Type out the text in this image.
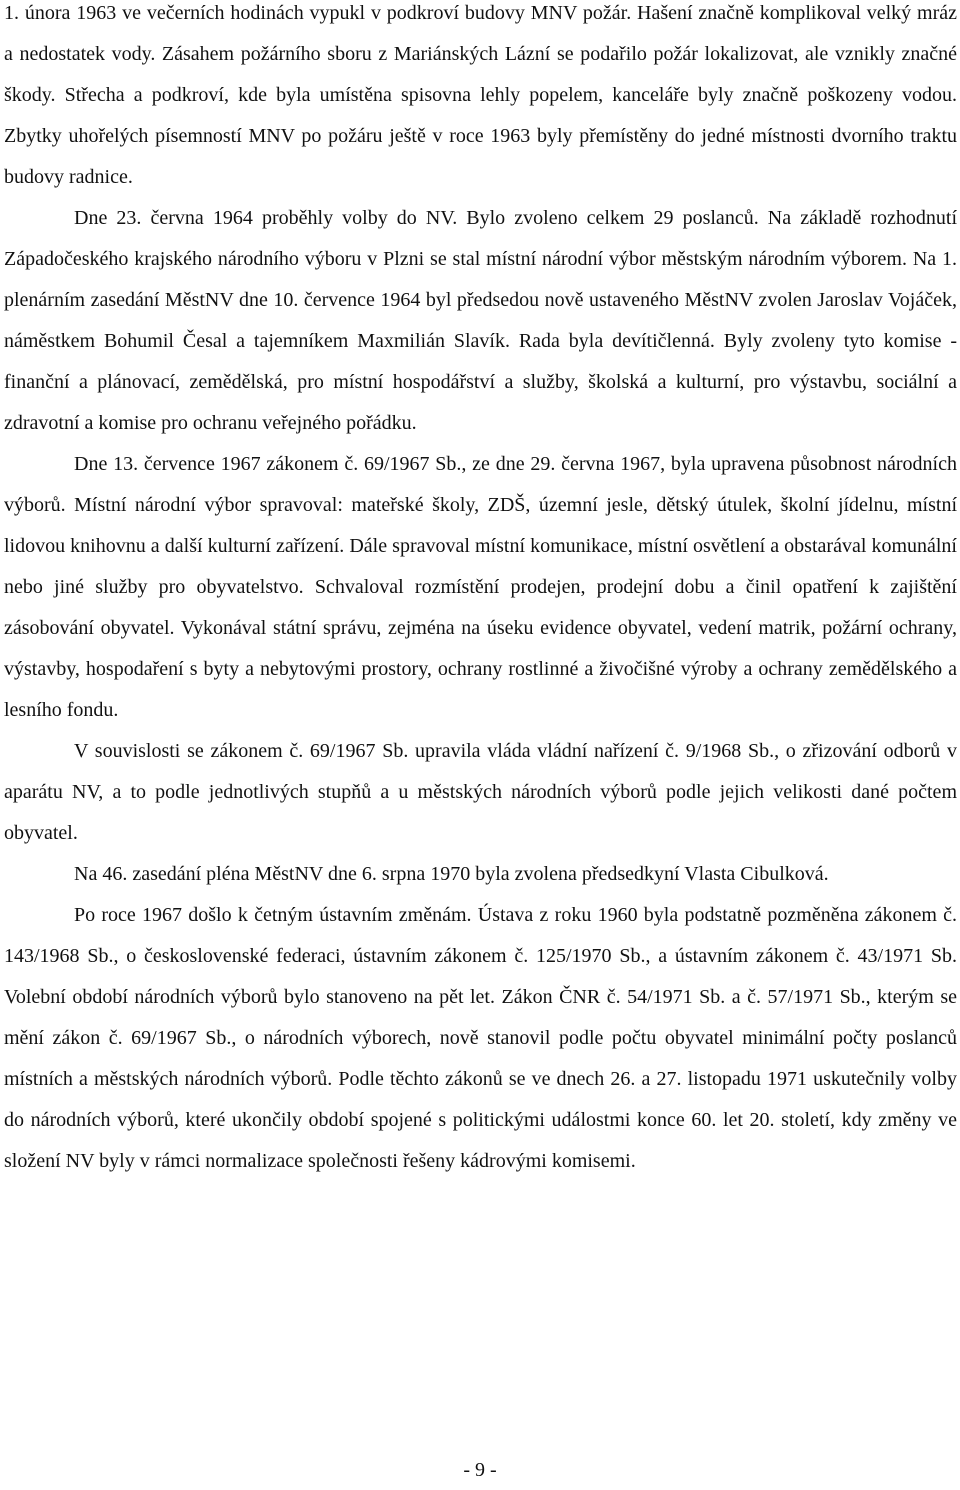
1. února 1963 ve večerních hodinách vypukl v podkroví budovy MNV požár. Hašení značně komplikoval velký mráz a nedostatek vody. Zásahem požárního sboru z Mariánských Lázní se podařilo požár lokalizovat, ale vznikly značné škody. Střecha a podkroví, kde byla umístěna spisovna lehly popelem, kanceláře byly značně poškozeny vodou. Zbytky uhořelých písemností MNV po požáru ještě v roce 1963 byly přemístěny do jedné místnosti dvorního traktu budovy radnice.

Dne 23. června 1964 proběhly volby do NV. Bylo zvoleno celkem 29 poslanců. Na základě rozhodnutí Západočeského krajského národního výboru v Plzni se stal místní národní výbor městským národním výborem. Na 1. plenárním zasedání MěstNV dne 10. července 1964 byl předsedou nově ustaveného MěstNV zvolen Jaroslav Vojáček, náměstkem Bohumil Česal a tajemníkem Maxmilián Slavík. Rada byla devítičlenná. Byly zvoleny tyto komise - finanční a plánovací, zemědělská, pro místní hospodářství a služby, školská a kulturní, pro výstavbu, sociální a zdravotní a komise pro ochranu veřejného pořádku.

Dne 13. července 1967 zákonem č. 69/1967 Sb., ze dne 29. června 1967, byla upravena působnost národních výborů. Místní národní výbor spravoval: mateřské školy, ZDŠ, územní jesle, dětský útulek, školní jídelnu, místní lidovou knihovnu a další kulturní zařízení. Dále spravoval místní komunikace, místní osvětlení a obstarával komunální nebo jiné služby pro obyvatelstvo. Schvaloval rozmístění prodejen, prodejní dobu a činil opatření k zajištění zásobování obyvatel. Vykonával státní správu, zejména na úseku evidence obyvatel, vedení matrik, požární ochrany, výstavby, hospodaření s byty a nebytovými prostory, ochrany rostlinné a živočišné výroby a ochrany zemědělského a lesního fondu.

V souvislosti se zákonem č. 69/1967 Sb. upravila vláda vládní nařízení č. 9/1968 Sb., o zřizování odborů v aparátu NV, a to podle jednotlivých stupňů a u městských národních výborů podle jejich velikosti dané počtem obyvatel.

Na 46. zasedání pléna MěstNV dne 6. srpna 1970 byla zvolena předsedkyní Vlasta Cibulková.

Po roce 1967 došlo k četným ústavním změnám. Ústava z roku 1960 byla podstatně pozměněna zákonem č. 143/1968 Sb., o československé federaci, ústavním zákonem č. 125/1970 Sb., a ústavním zákonem č. 43/1971 Sb. Volební období národních výborů bylo stanoveno na pět let. Zákon ČNR č. 54/1971 Sb. a č. 57/1971 Sb., kterým se mění zákon č. 69/1967 Sb., o národních výborech, nově stanovil podle počtu obyvatel minimální počty poslanců místních a městských národních výborů. Podle těchto zákonů se ve dnech 26. a 27. listopadu 1971 uskutečnily volby do národních výborů, které ukončily období spojené s politickými událostmi konce 60. let 20. století, kdy změny ve složení NV byly v rámci normalizace společnosti řešeny kádrovými komisemi.

- 9 -
